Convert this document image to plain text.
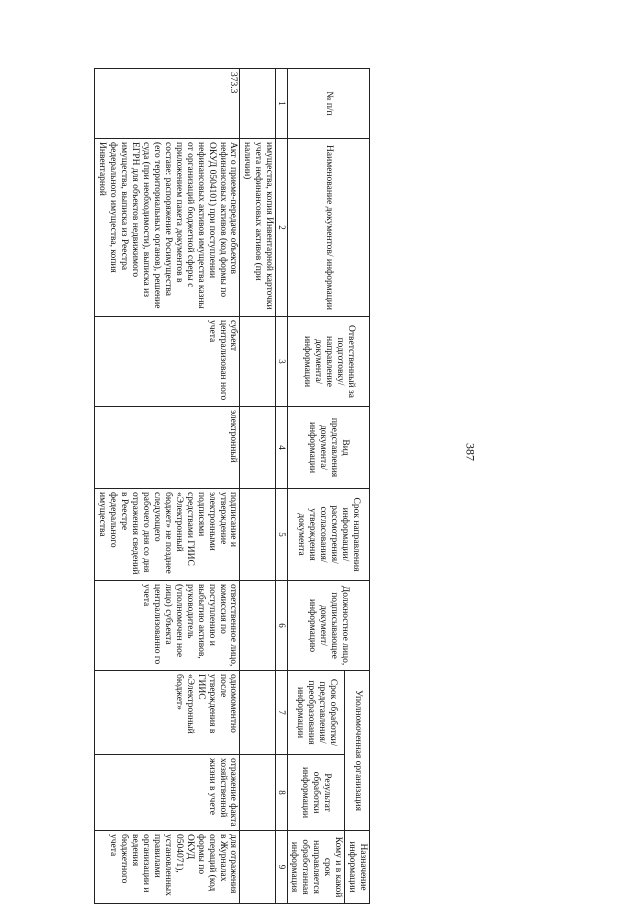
387
№ п/п	Наименование документов/ информации	Ответственный за подготовку/ направление документа/ информации	Вид представления документа/ информации	Срок направления информации/ рассмотрения/ согласования/ утверждения документа	Должностное лицо, подписывающее документ/ информацию	Уполномоченная организация		Назначение информации
						Срок обработки/ представления/ преобразования информации	Результат обработки информации	Кому и в какой срок направляется обработанная информация
1	2	3	4	5	6	7	8	9
	имущества, копия Инвентарной карточки учета нефинансовых активов (при наличии)							
373.3	Акт о приеме-передаче объектов нефинансовых активов (код формы по ОКУД 0504101) при поступлении нефинансовых активов имущества казны от организаций бюджетной сферы с приложением пакета документов в составе: распоряжение Росимущества (его территориальных органов), решение суда (при необходимости), выписка из ЕГРН для объектов недвижимого имущества, выписка из Реестра федерального имущества, копия Инвентарной	субъект централизован ного учета	электронный	подписание и утверждение электронными подписями средствами ГИИС «Электронный бюджет» не позднее следующего рабочего дня со дня отражения сведений в Реестре федерального имущества	ответственное лицо, комиссия по поступлению и выбытию активов, руководитель (уполномочен ное лицо) субъекта централизованно го учета	одномоментно после утверждения в ГИИС «Электронный бюджет»	отражение факта хозяйственной жизни в учете	для отражения в Журналах операций (код формы по ОКУД 0504071), установленных правилами организации и ведения бюджетного учета
